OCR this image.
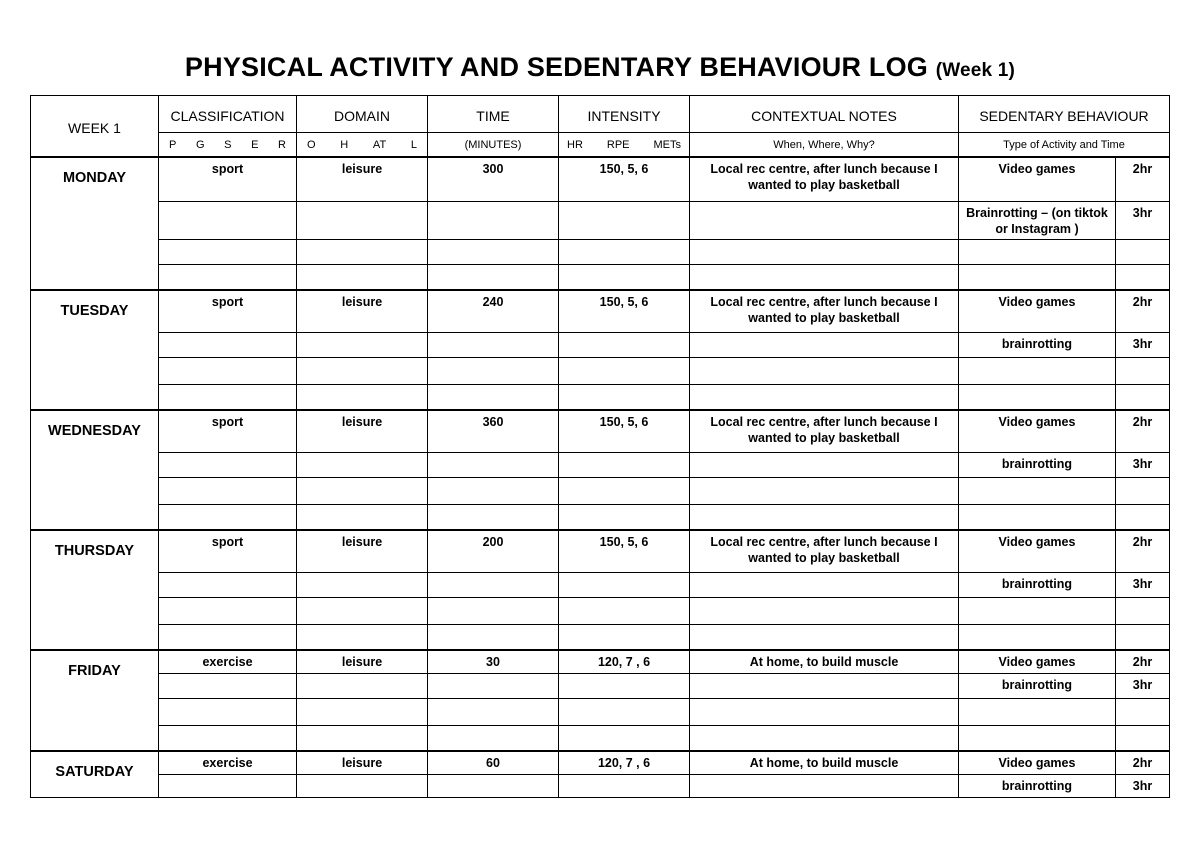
PHYSICAL ACTIVITY AND SEDENTARY BEHAVIOUR LOG (Week 1)
WEEK 1	CLASSIFICATION	DOMAIN	TIME	INTENSITY	CONTEXTUAL NOTES	SEDENTARY BEHAVIOUR	

	P G S E R	O H AT L	(MINUTES)	HR RPE METs	When, Where, Why?	Type of Activity and Time	
MONDAY	sport	leisure	300	150, 5, 6	Local rec centre, after lunch because I wanted to play basketball	Video games	2hr
						Brainrotting – (on tiktok or Instagram )	3hr

TUESDAY	sport	leisure	240	150, 5, 6	Local rec centre, after lunch because I wanted to play basketball	Video games	2hr
						brainrotting	3hr

WEDNESDAY	sport	leisure	360	150, 5, 6	Local rec centre, after lunch because I wanted to play basketball	Video games	2hr
						brainrotting	3hr

THURSDAY	sport	leisure	200	150, 5, 6	Local rec centre, after lunch because I wanted to play basketball	Video games	2hr
						brainrotting	3hr

FRIDAY	exercise	leisure	30	120, 7 , 6	At home, to build muscle	Video games	2hr
						brainrotting	3hr

SATURDAY	exercise	leisure	60	120, 7 , 6	At home, to build muscle	Video games	2hr
						brainrotting	3hr
